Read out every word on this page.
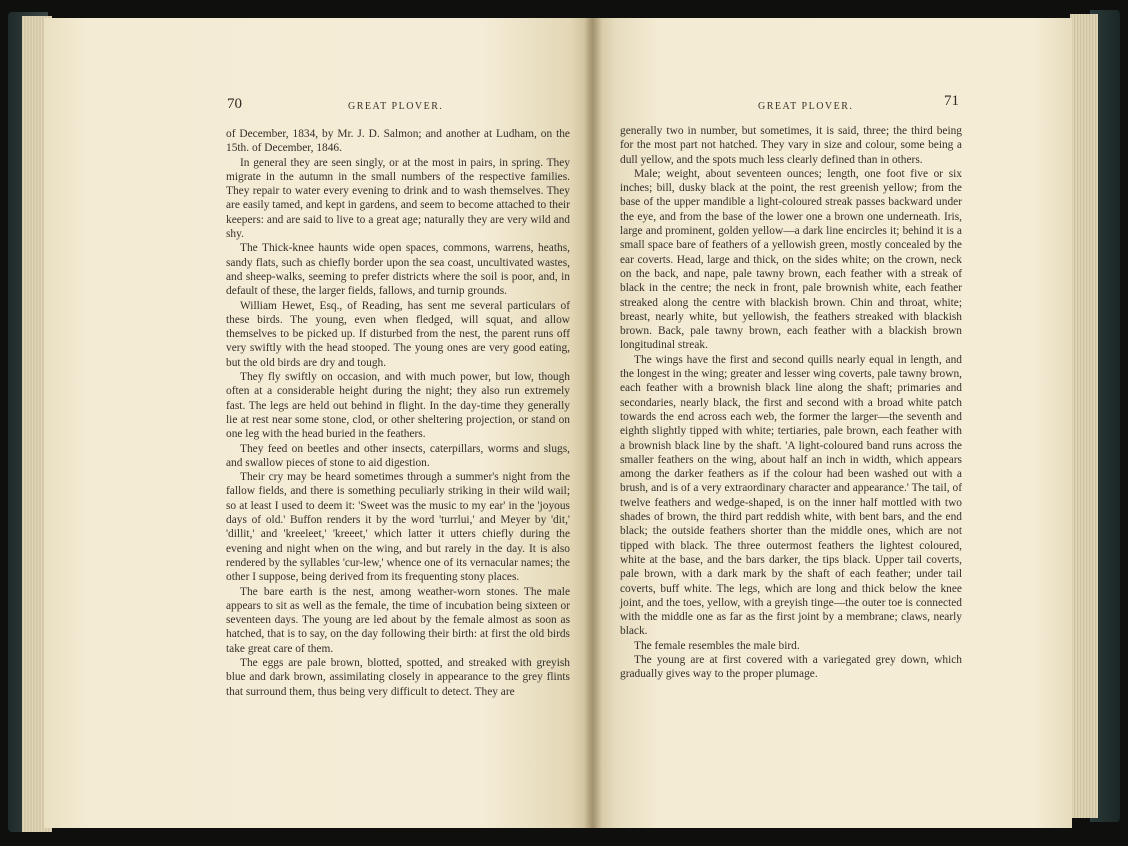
70	GREAT PLOVER.

of December, 1834, by Mr. J. D. Salmon; and another at Ludham, on the 15th. of December, 1846.

In general they are seen singly, or at the most in pairs, in spring. They migrate in the autumn in the small numbers of the respective families. They repair to water every evening to drink and to wash themselves. They are easily tamed, and kept in gardens, and seem to become attached to their keepers: and are said to live to a great age; naturally they are very wild and shy.

The Thick-knee haunts wide open spaces, commons, warrens, heaths, sandy flats, such as chiefly border upon the sea coast, uncultivated wastes, and sheep-walks, seeming to prefer districts where the soil is poor, and, in default of these, the larger fields, fallows, and turnip grounds.

William Hewet, Esq., of Reading, has sent me several particulars of these birds. The young, even when fledged, will squat, and allow themselves to be picked up. If disturbed from the nest, the parent runs off very swiftly with the head stooped. The young ones are very good eating, but the old birds are dry and tough.

They fly swiftly on occasion, and with much power, but low, though often at a considerable height during the night; they also run extremely fast. The legs are held out behind in flight. In the day-time they generally lie at rest near some stone, clod, or other sheltering projection, or stand on one leg with the head buried in the feathers.

They feed on beetles and other insects, caterpillars, worms and slugs, and swallow pieces of stone to aid digestion.

Their cry may be heard sometimes through a summer's night from the fallow fields, and there is something peculiarly striking in their wild wail; so at least I used to deem it: 'Sweet was the music to my ear' in the 'joyous days of old.' Buffon renders it by the word 'turrlui,' and Meyer by 'dit,' 'dillit,' and 'kreeleet,' 'kreeet,' which latter it utters chiefly during the evening and night when on the wing, and but rarely in the day. It is also rendered by the syllables 'cur-lew,' whence one of its vernacular names; the other I suppose, being derived from its frequenting stony places.

The bare earth is the nest, among weather-worn stones. The male appears to sit as well as the female, the time of incubation being sixteen or seventeen days. The young are led about by the female almost as soon as hatched, that is to say, on the day following their birth: at first the old birds take great care of them.

The eggs are pale brown, blotted, spotted, and streaked with greyish blue and dark brown, assimilating closely in appearance to the grey flints that surround them, thus being very difficult to detect. They are

GREAT PLOVER.	71

generally two in number, but sometimes, it is said, three; the third being for the most part not hatched. They vary in size and colour, some being a dull yellow, and the spots much less clearly defined than in others.

Male; weight, about seventeen ounces; length, one foot five or six inches; bill, dusky black at the point, the rest greenish yellow; from the base of the upper mandible a light-coloured streak passes backward under the eye, and from the base of the lower one a brown one underneath. Iris, large and prominent, golden yellow—a dark line encircles it; behind it is a small space bare of feathers of a yellowish green, mostly concealed by the ear coverts. Head, large and thick, on the sides white; on the crown, neck on the back, and nape, pale tawny brown, each feather with a streak of black in the centre; the neck in front, pale brownish white, each feather streaked along the centre with blackish brown. Chin and throat, white; breast, nearly white, but yellowish, the feathers streaked with blackish brown. Back, pale tawny brown, each feather with a blackish brown longitudinal streak.

The wings have the first and second quills nearly equal in length, and the longest in the wing; greater and lesser wing coverts, pale tawny brown, each feather with a brownish black line along the shaft; primaries and secondaries, nearly black, the first and second with a broad white patch towards the end across each web, the former the larger—the seventh and eighth slightly tipped with white; tertiaries, pale brown, each feather with a brownish black line by the shaft. 'A light-coloured band runs across the smaller feathers on the wing, about half an inch in width, which appears among the darker feathers as if the colour had been washed out with a brush, and is of a very extraordinary character and appearance.' The tail, of twelve feathers and wedge-shaped, is on the inner half mottled with two shades of brown, the third part reddish white, with bent bars, and the end black; the outside feathers shorter than the middle ones, which are not tipped with black. The three outermost feathers the lightest coloured, white at the base, and the bars darker, the tips black. Upper tail coverts, pale brown, with a dark mark by the shaft of each feather; under tail coverts, buff white. The legs, which are long and thick below the knee joint, and the toes, yellow, with a greyish tinge—the outer toe is connected with the middle one as far as the first joint by a membrane; claws, nearly black.

The female resembles the male bird.

The young are at first covered with a variegated grey down, which gradually gives way to the proper plumage.
